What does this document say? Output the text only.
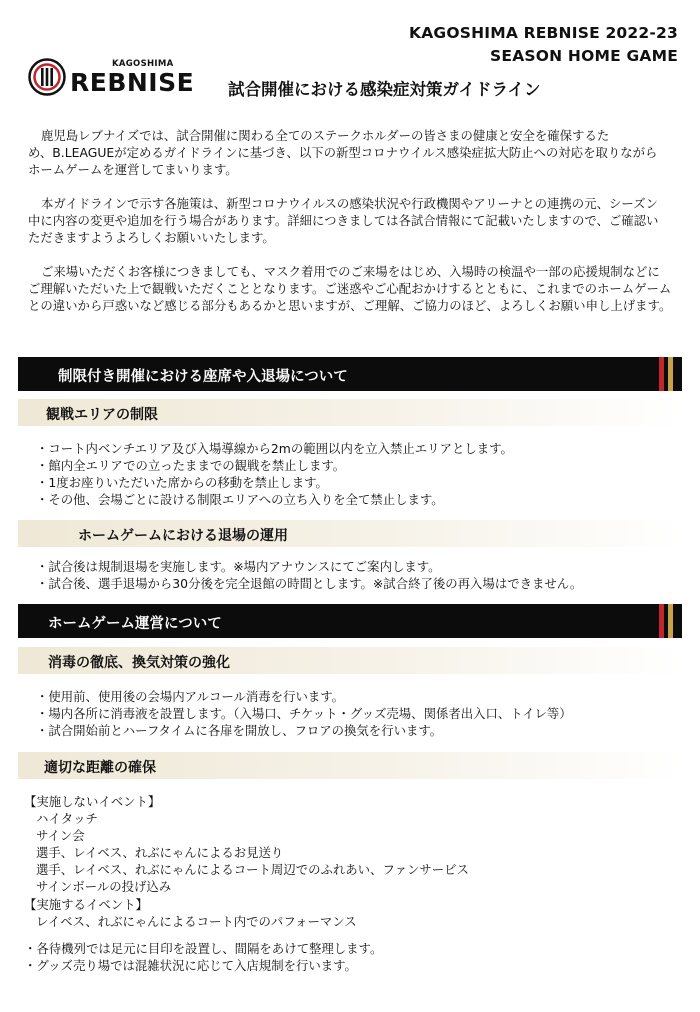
KAGOSHIMA REBNISE 2022-23
SEASON HOME GAME
KAGOSHIMA
REBNISE 試合開催における感染症対策ガイドライン
鹿児島レブナイズでは、試合開催に関わる全てのステークホルダーの皆さまの健康と安全を確保するた
め、B.LEAGUEが定めるガイドラインに基づき、以下の新型コロナウイルス感染症拡大防止への対応を取りながら
ホームゲームを運営してまいります。
本ガイドラインで示す各施策は、新型コロナウイルスの感染状況や行政機関やアリーナとの連携の元、シーズン
中に内容の変更や追加を行う場合があります。詳細につきましては各試合情報にて記載いたしますので、ご確認い
ただきますようよろしくお願いいたします。
ご来場いただくお客様につきましても、マスク着用でのご来場をはじめ、入場時の検温や一部の応援規制などに
ご理解いただいた上で観戦いただくこととなります。ご迷惑やご心配おかけするとともに、これまでのホームゲーム
との違いから戸惑いなど感じる部分もあるかと思いますが、ご理解、ご協力のほど、よろしくお願い申し上げます。
制限付き開催における座席や入退場について
観戦エリアの制限
・コート内ベンチエリア及び入場導線から2mの範囲以内を立入禁止エリアとします。
・館内全エリアでの立ったままでの観戦を禁止します。
・1度お座りいただいた席からの移動を禁止します。
・その他、会場ごとに設ける制限エリアへの立ち入りを全て禁止します。
ホームゲームにおける退場の運用
・試合後は規制退場を実施します。※場内アナウンスにてご案内します。
・試合後、選手退場から30分後を完全退館の時間とします。※試合終了後の再入場はできません。
ホームゲーム運営について
消毒の徹底、換気対策の強化
・使用前、使用後の会場内アルコール消毒を行います。
・場内各所に消毒液を設置します。（入場口、チケット・グッズ売場、関係者出入口、トイレ等）
・試合開始前とハーフタイムに各扉を開放し、フロアの換気を行います。
適切な距離の確保
【実施しないイベント】
ハイタッチ
サイン会
選手、レイベス、れぶにゃんによるお見送り
選手、レイベス、れぶにゃんによるコート周辺でのふれあい、ファンサービス
サインボールの投げ込み
【実施するイベント】
レイベス、れぶにゃんによるコート内でのパフォーマンス
・各待機列では足元に目印を設置し、間隔をあけて整理します。
・グッズ売り場では混雑状況に応じて入店規制を行います。
